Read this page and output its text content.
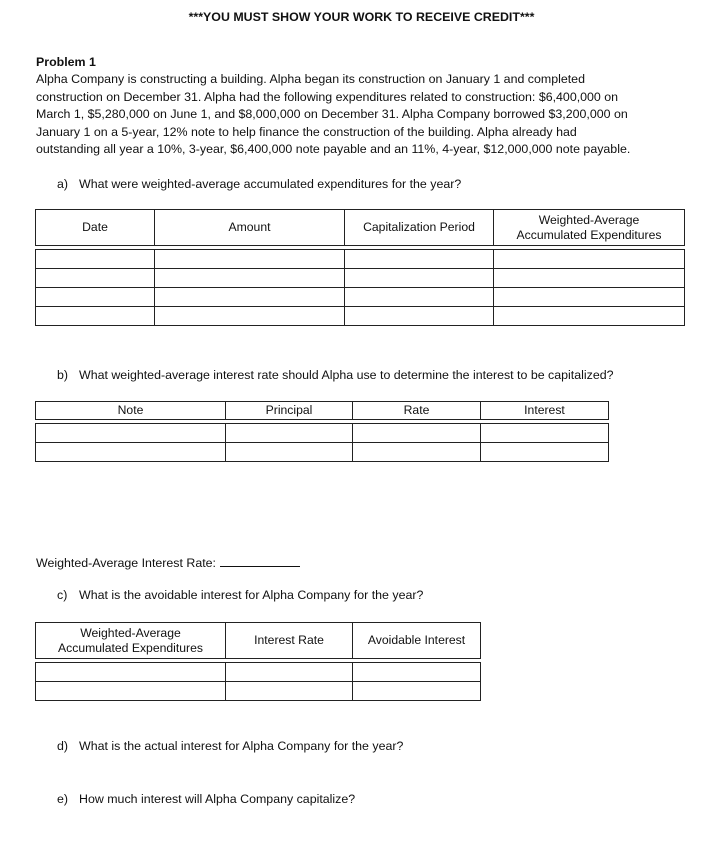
***YOU MUST SHOW YOUR WORK TO RECEIVE CREDIT***
Problem 1
Alpha Company is constructing a building. Alpha began its construction on January 1 and completed
construction on December 31. Alpha had the following expenditures related to construction: $6,400,000 on
March 1, $5,280,000 on June 1, and $8,000,000 on December 31. Alpha Company borrowed $3,200,000 on
January 1 on a 5-year, 12% note to help finance the construction of the building. Alpha already had
outstanding all year a 10%, 3-year, $6,400,000 note payable and an 11%, 4-year, $12,000,000 note payable.
a) What were weighted-average accumulated expenditures for the year?
Date	Amount	Capitalization Period	Weighted-Average
Accumulated Expenditures

b) What weighted-average interest rate should Alpha use to determine the interest to be capitalized?
Note	Principal	Rate	Interest

Weighted-Average Interest Rate:
c) What is the avoidable interest for Alpha Company for the year?
Weighted-Average
Accumulated Expenditures	Interest Rate	Avoidable Interest

d) What is the actual interest for Alpha Company for the year?
e) How much interest will Alpha Company capitalize?
